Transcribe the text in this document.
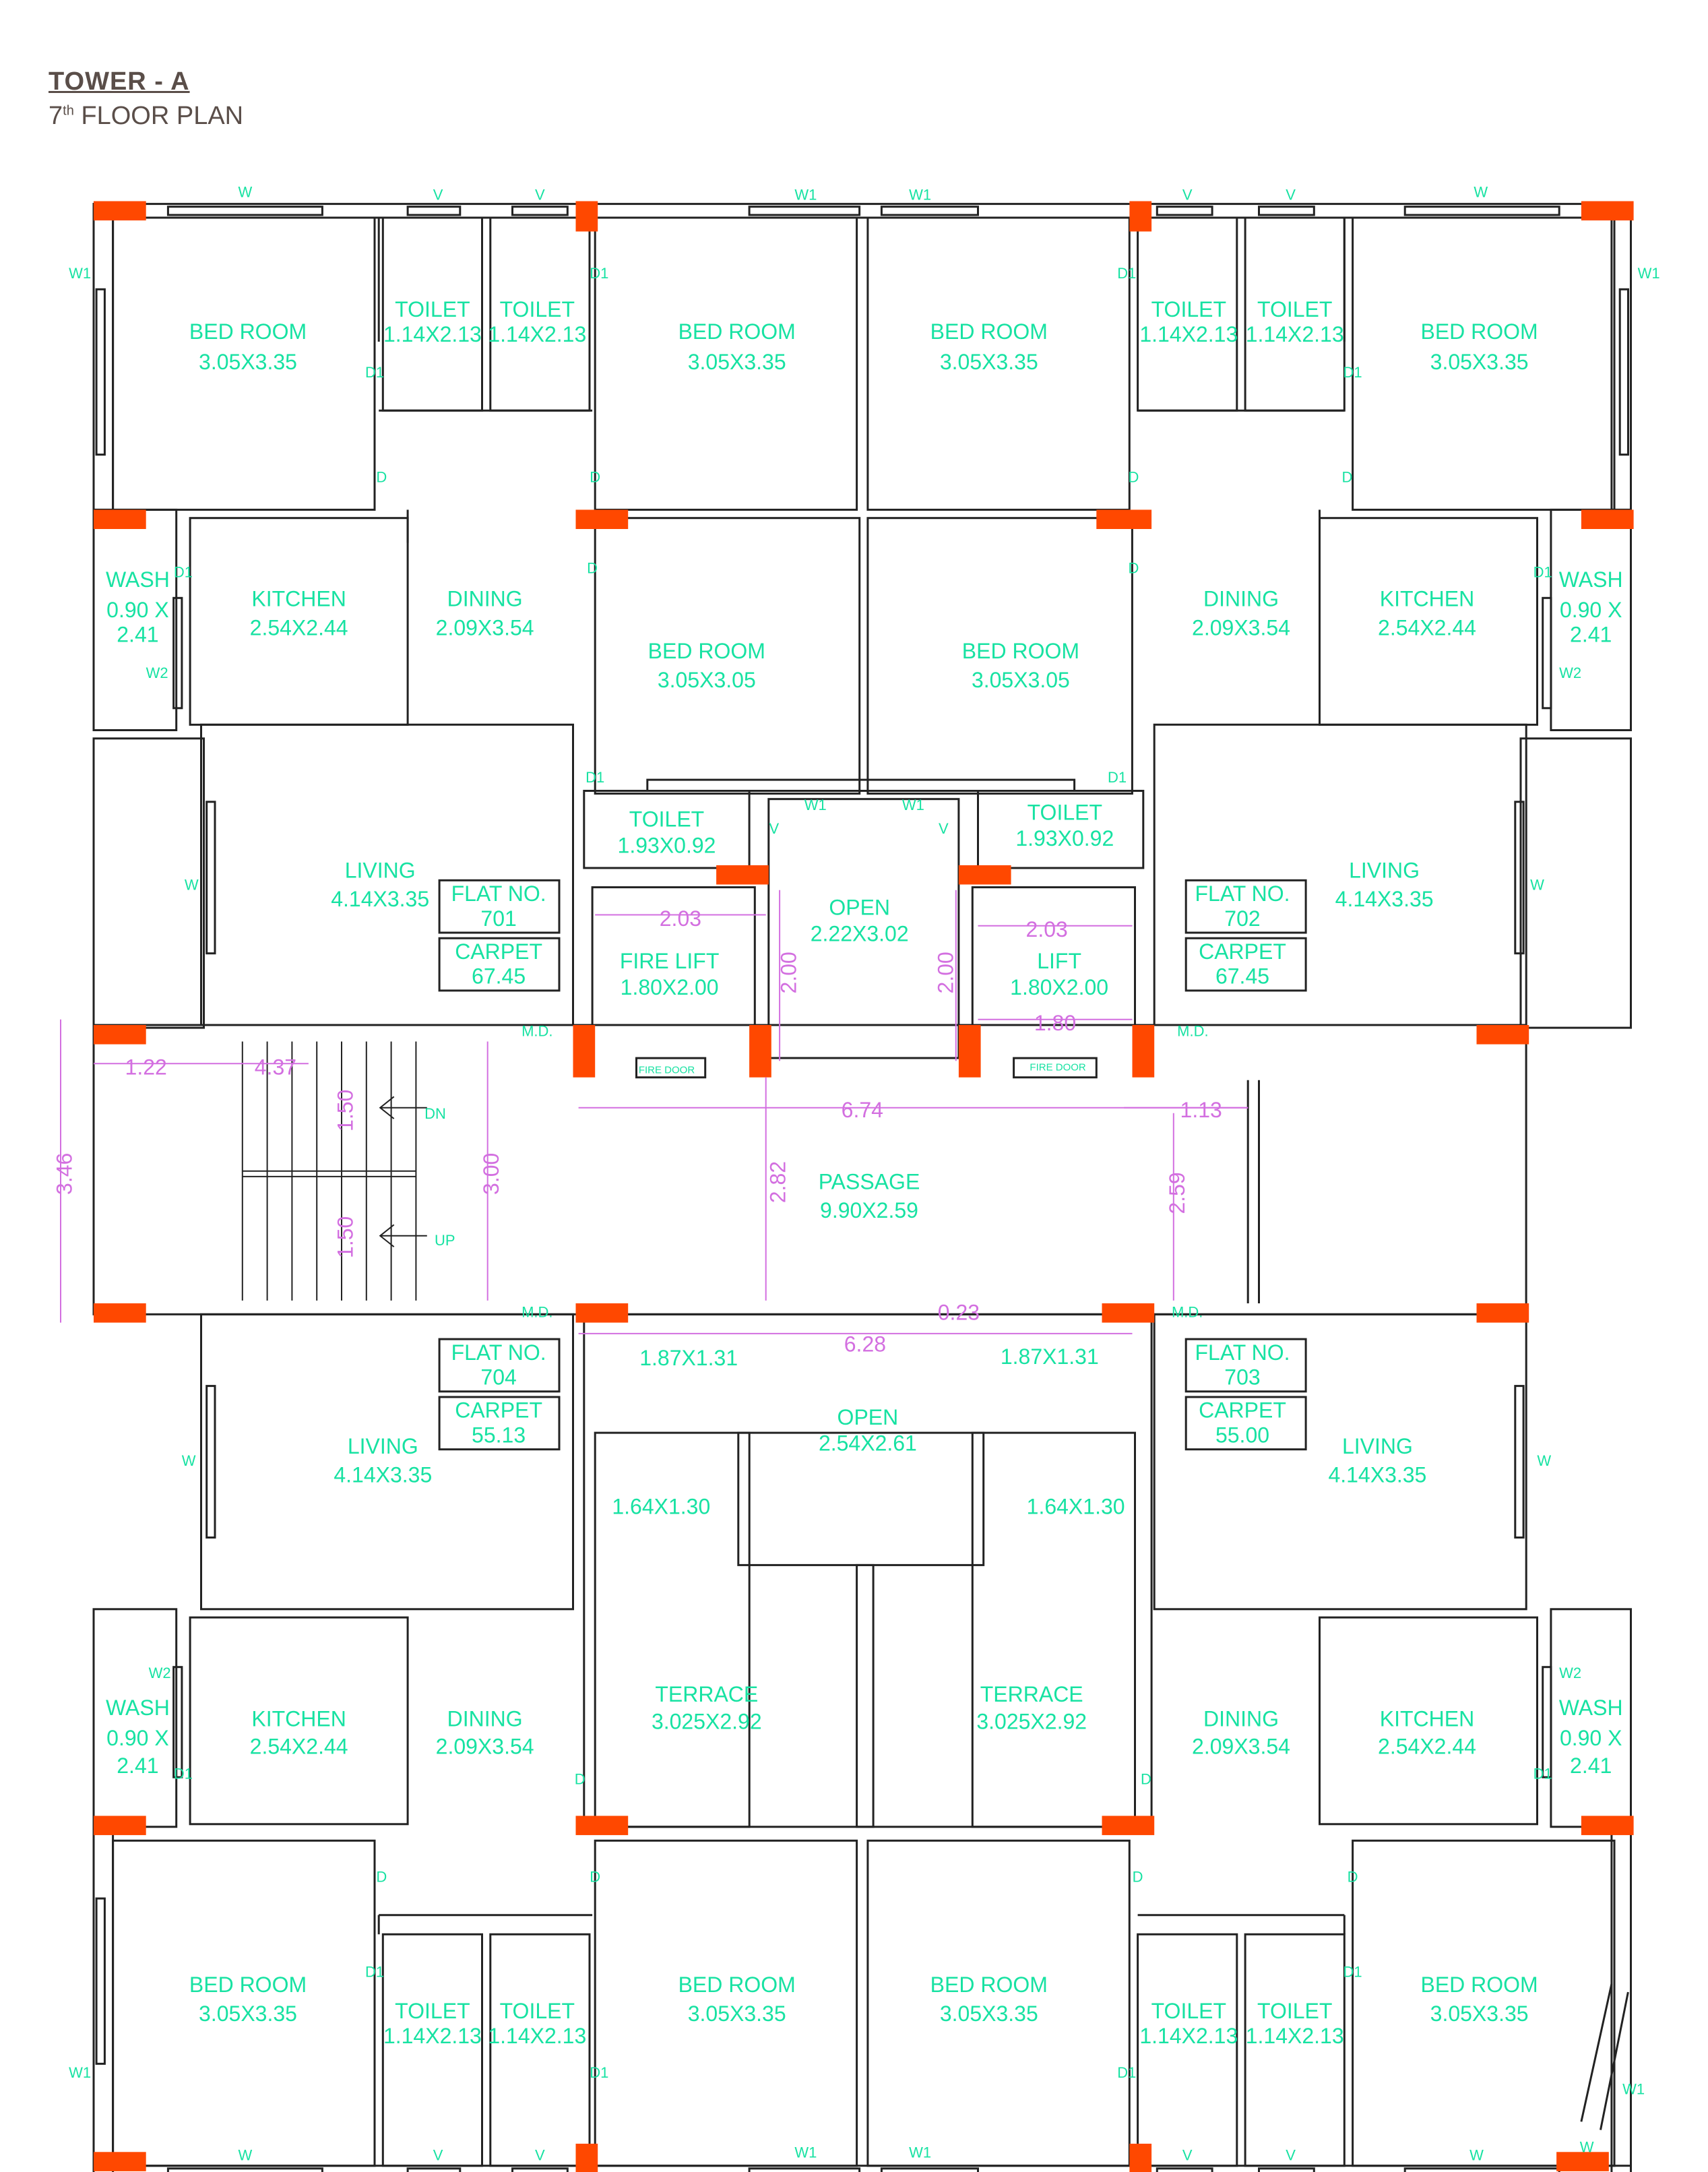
TOWER - A
7th FLOOR PLAN
BED ROOM
3.05X3.35
TOILET
1.14X2.13
TOILET
1.14X2.13	BED ROOM
3.05X3.35
BED ROOM
3.05X3.35
TOILET
1.14X2.13
TOILET
1.14X2.13	BED ROOM
3.05X3.35
WASH
0.90 X
2.41
KITCHEN
2.54X2.44
DINING
2.09X3.54
BED ROOM
3.05X3.05
BED ROOM
3.05X3.05
DINING
2.09X3.54
KITCHEN
2.54X2.44
WASH
0.90 X
2.41
TOILET
1.93X0.92
TOILET
1.93X0.92
LIVING
4.14X3.35
LIVING
4.14X3.35
OPEN
2.22X3.02
FIRE LIFT
1.80X2.00
LIFT
1.80X2.00
PASSAGE
9.90X2.59
LIVING
4.14X3.35
LIVING
4.14X3.35
OPEN
2.54X2.61
WASH
0.90 X
2.41
KITCHEN
2.54X2.44
DINING
2.09X3.54
TERRACE
3.025X2.92
TERRACE
3.025X2.92	DINING
2.09X3.54
KITCHEN
2.54X2.44
WASH
0.90 X
2.41
BED ROOM
3.05X3.35	TOILET
1.14X2.13
TOILET
1.14X2.13
BED ROOM
3.05X3.35
BED ROOM
3.05X3.35	TOILET
1.14X2.13
TOILET
1.14X2.13
BED ROOM
3.05X3.35
FLAT NO.
701
CARPET
67.45
FLAT NO.
702
CARPET
67.45
FLAT NO.
704
CARPET
55.13
FLAT NO.
703
CARPET
55.00
1.87X1.31	1.87X1.31
1.64X1.30	1.64X1.30
2.03	2.03
1.80
2.00	2.00
1.22	4.37
6.74	1.13
1.50
1.50
3.00
3.46	2.82	2.59
0.23
6.28
DN
UP
FIRE DOOR	FIRE DOOR
M.D.	M.D.
M.D.	M.D.
W	V	V	W1	W1	V	V	W
W1	W1
D1	D1
D1	D1
D	D	D	D
D	D
D1	D1
W2	W2
D1	D1
V	V
W1	W1
W	W
W	W
W2	W2
D	D
D1	D1
D	D	D	D
D1	D1
W1	D1	D1
W1
W	V	V	W1	W1	V	V	W	W
